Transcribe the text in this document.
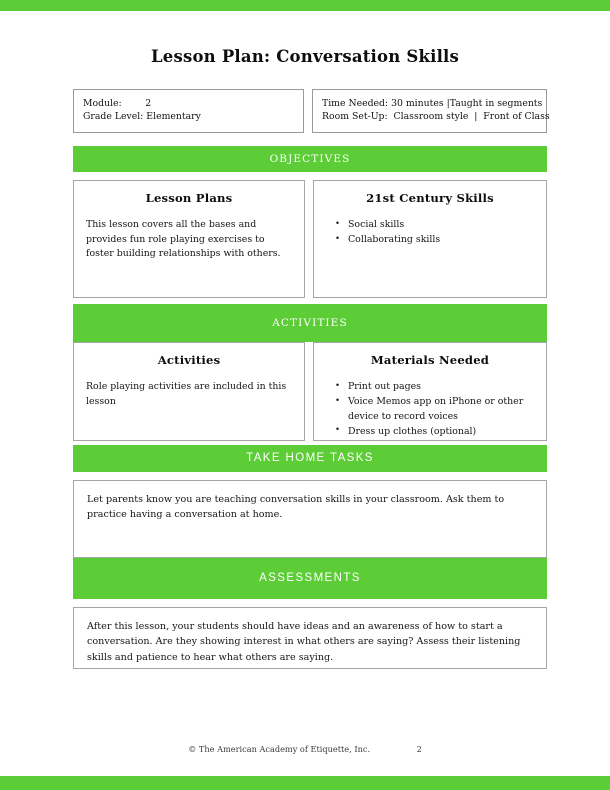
Lesson Plan: Conversation Skills
Module:        2
Grade Level: Elementary
Time Needed: 30 minutes |Taught in segments
Room Set-Up:  Classroom style  |  Front of Class
OBJECTIVES
Lesson Plans
This lesson covers all the bases and provides fun role playing exercises to foster building relationships with others.
21st Century Skills
• Social skills
• Collaborating skills
ACTIVITIES
Activities
Role playing activities are included in this lesson
Materials Needed
• Print out pages
• Voice Memos app on iPhone or other device to record voices
• Dress up clothes (optional)
TAKE HOME TASKS
Let parents know you are teaching conversation skills in your classroom. Ask them to practice having a conversation at home.
ASSESSMENTS
After this lesson, your students should have ideas and an awareness of how to start a conversation. Are they showing interest in what others are saying? Assess their listening skills and patience to hear what others are saying.
© The American Academy of Etiquette, Inc.	2
